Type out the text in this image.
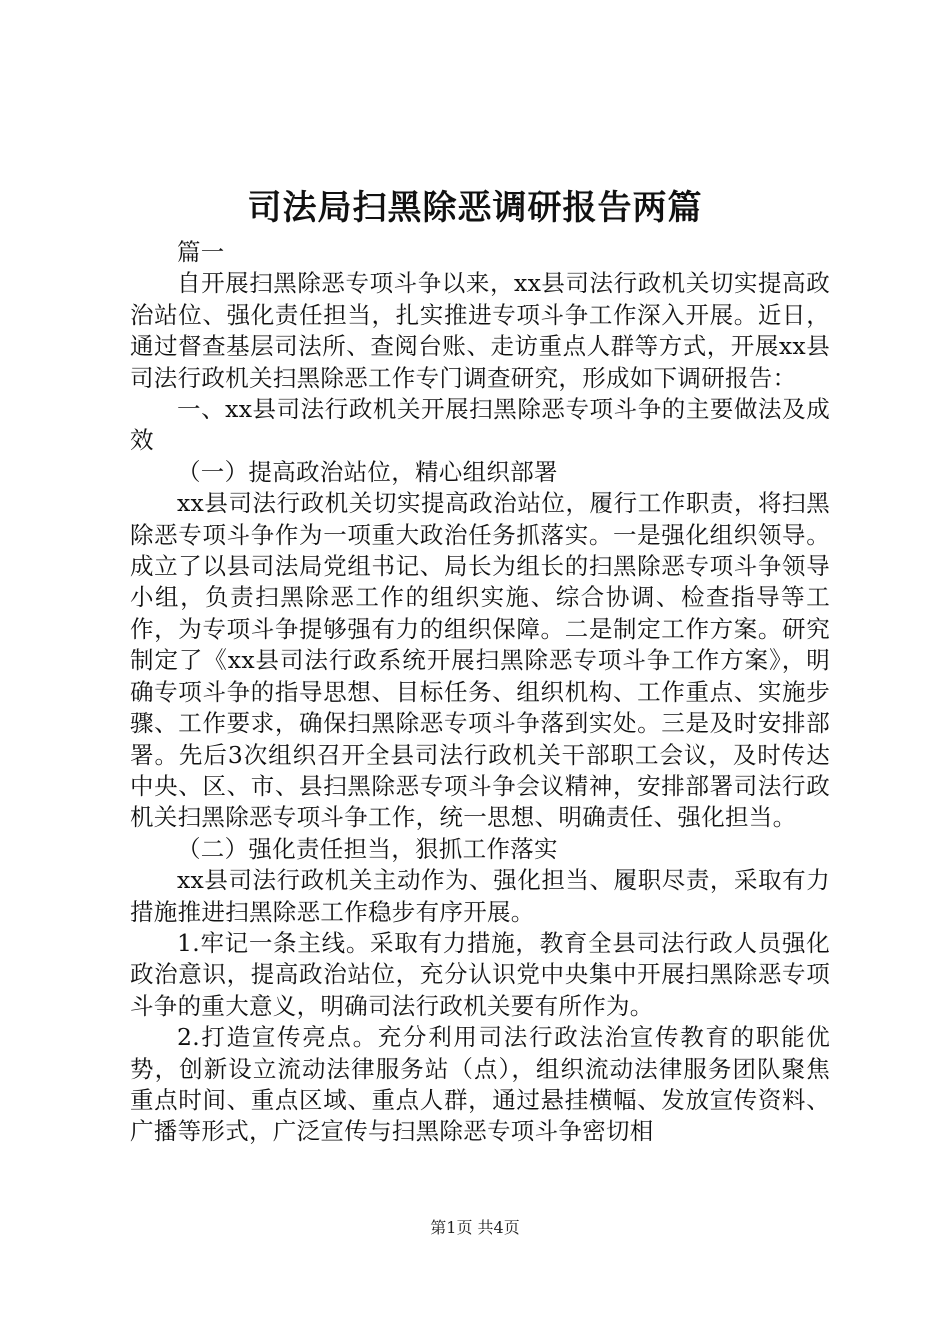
司法局扫黑除恶调研报告两篇

篇一

自开展扫黑除恶专项斗争以来，xx县司法行政机关切实提高政治站位、强化责任担当，扎实推进专项斗争工作深入开展。近日，通过督查基层司法所、查阅台账、走访重点人群等方式，开展xx县司法行政机关扫黑除恶工作专门调查研究，形成如下调研报告：

一、xx县司法行政机关开展扫黑除恶专项斗争的主要做法及成效

（一）提高政治站位，精心组织部署

xx县司法行政机关切实提高政治站位，履行工作职责，将扫黑除恶专项斗争作为一项重大政治任务抓落实。一是强化组织领导。成立了以县司法局党组书记、局长为组长的扫黑除恶专项斗争领导小组，负责扫黑除恶工作的组织实施、综合协调、检查指导等工作，为专项斗争提够强有力的组织保障。二是制定工作方案。研究制定了《xx县司法行政系统开展扫黑除恶专项斗争工作方案》，明确专项斗争的指导思想、目标任务、组织机构、工作重点、实施步骤、工作要求，确保扫黑除恶专项斗争落到实处。三是及时安排部署。先后3次组织召开全县司法行政机关干部职工会议，及时传达中央、区、市、县扫黑除恶专项斗争会议精神，安排部署司法行政机关扫黑除恶专项斗争工作，统一思想、明确责任、强化担当。

（二）强化责任担当，狠抓工作落实

xx县司法行政机关主动作为、强化担当、履职尽责，采取有力措施推进扫黑除恶工作稳步有序开展。

1.牢记一条主线。采取有力措施，教育全县司法行政人员强化政治意识，提高政治站位，充分认识党中央集中开展扫黑除恶专项斗争的重大意义，明确司法行政机关要有所作为。

2.打造宣传亮点。充分利用司法行政法治宣传教育的职能优势，创新设立流动法律服务站（点），组织流动法律服务团队聚焦重点时间、重点区域、重点人群，通过悬挂横幅、发放宣传资料、广播等形式，广泛宣传与扫黑除恶专项斗争密切相

第1页 共4页
